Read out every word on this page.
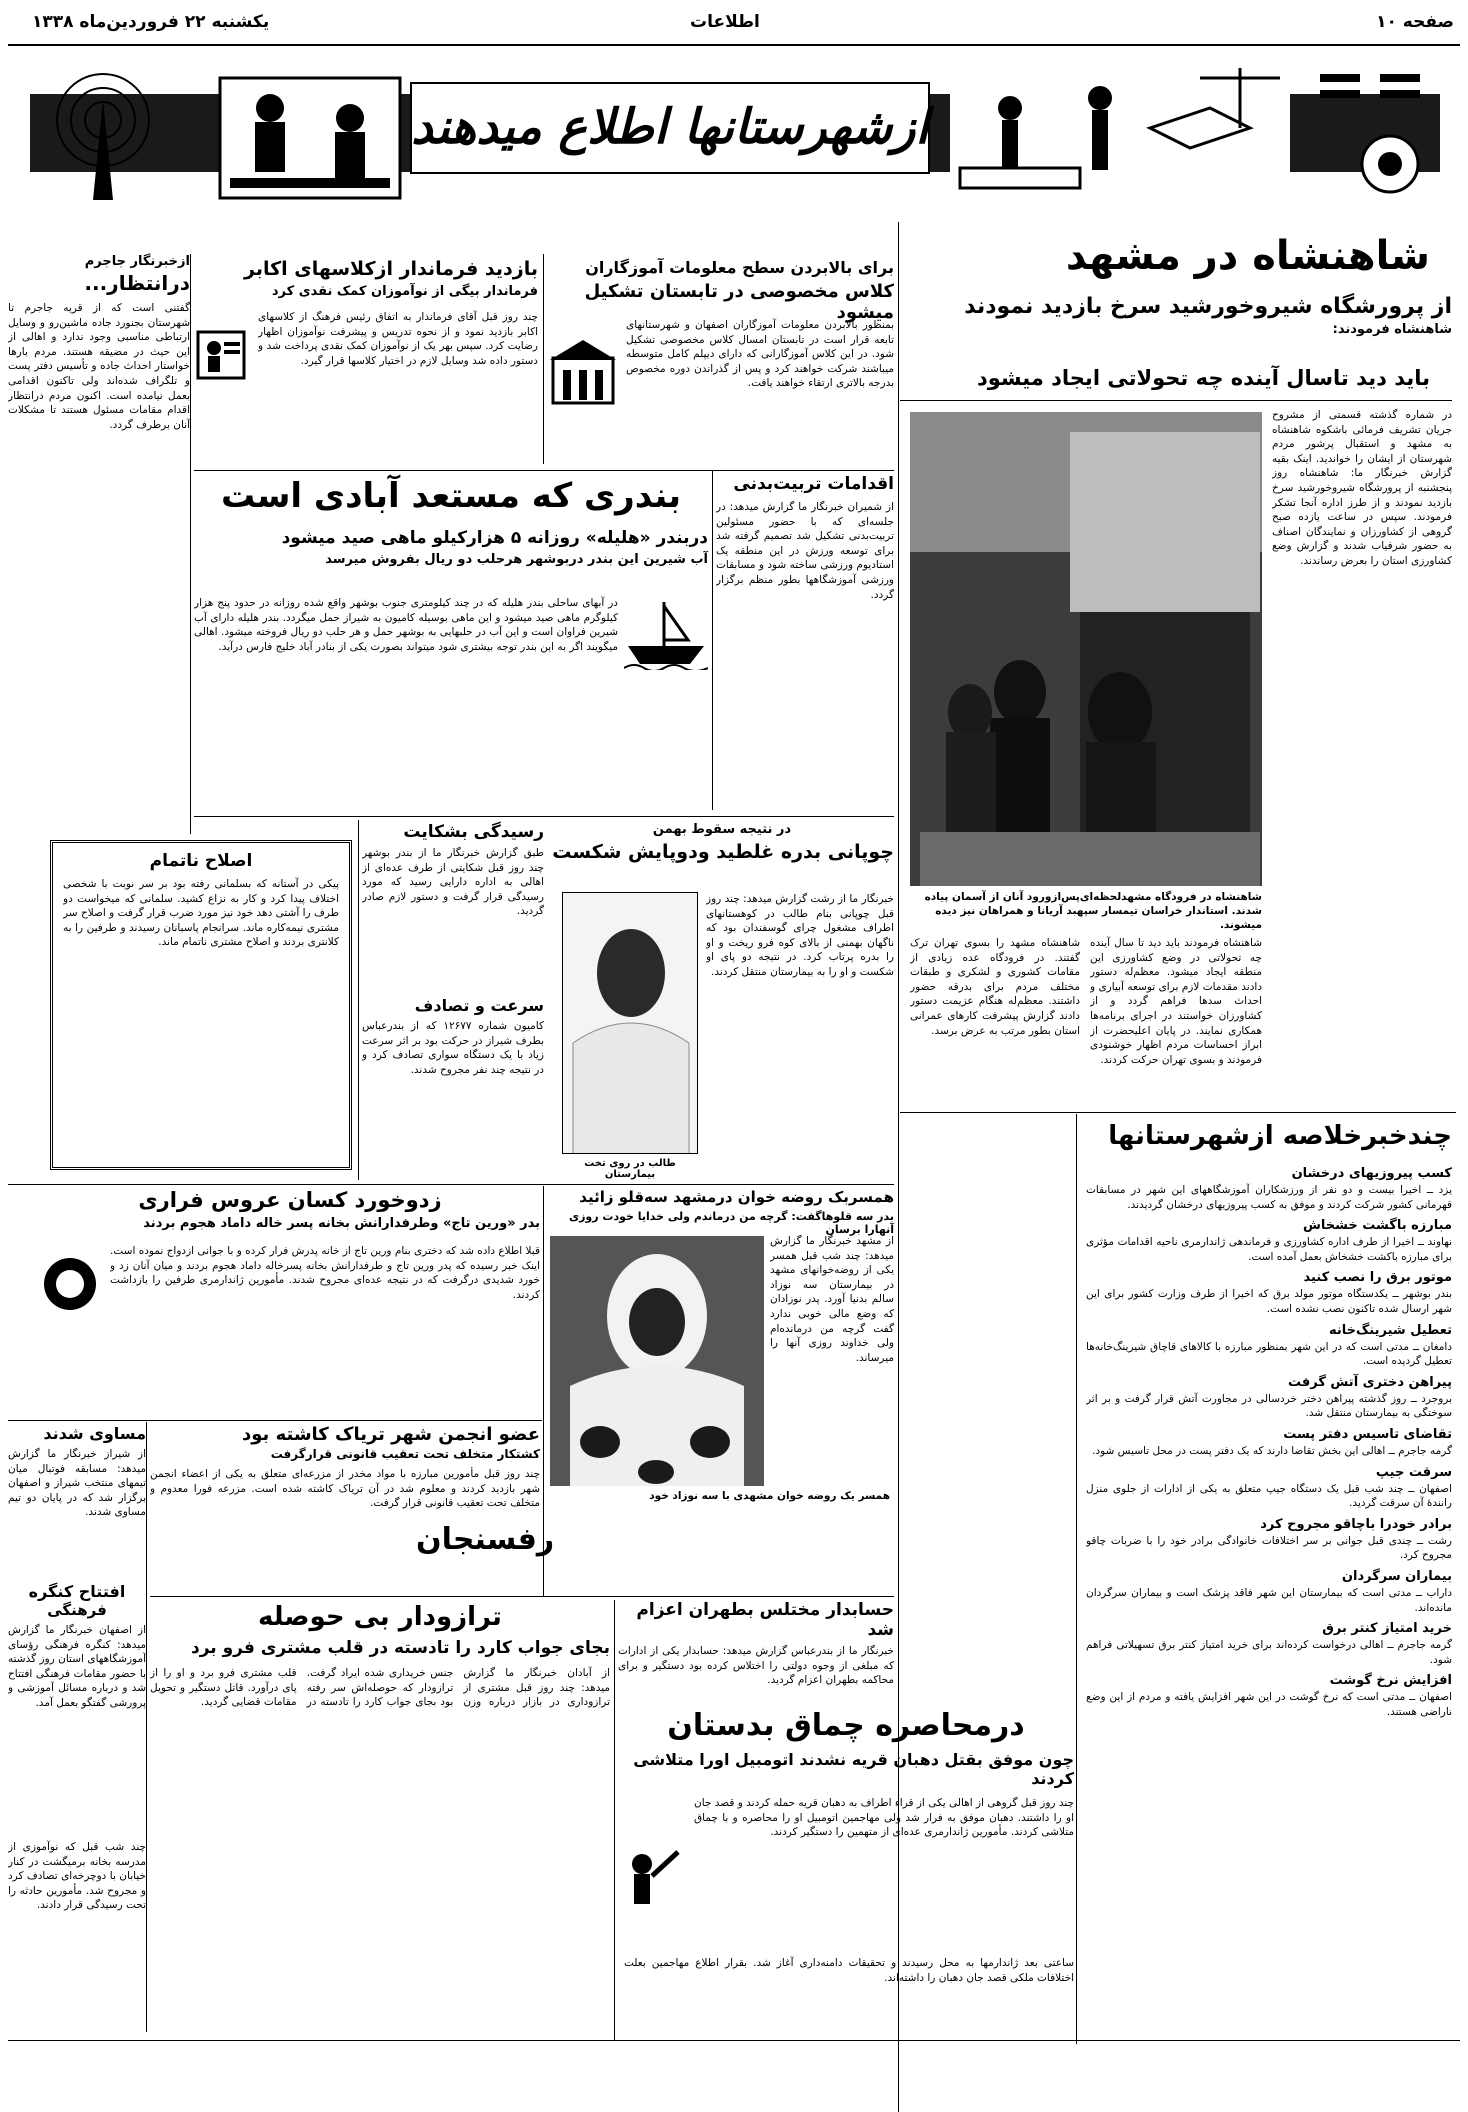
صفحه ۱۰
اطلاعات
یکشنبه ۲۲ فروردین‌ماه ۱۳۳۸
ازشهرستانها اطلاع میدهند
شاهنشاه در مشهد
از پرورشگاه شیروخورشید سرخ بازدید نمودند
شاهنشاه فرمودند:
باید دید تاسال آینده چه تحولاتی ایجاد میشود
در شماره گذشته قسمتی از مشروح جریان تشریف فرمائی باشکوه شاهنشاه به مشهد و استقبال پرشور مردم شهرستان از ایشان را خواندید. اینک بقیه گزارش خبرنگار ما: شاهنشاه روز پنجشنبه از پرورشگاه شیروخورشید سرخ بازدید نمودند و از طرز اداره آنجا تشکر فرمودند. سپس در ساعت یازده صبح گروهی از کشاورزان و نمایندگان اصناف به حضور شرفیاب شدند و گزارش وضع کشاورزی استان را بعرض رساندند.
شاهنشاه در فرودگاه مشهدلحظه‌ای‌پس‌ازورود آنان از آسمان پیاده شدند. استاندار خراسان‌ تیمسار سپهبد آریانا و همراهان نیز دیده میشوند.
شاهنشاه فرمودند باید دید تا سال آینده چه تحولاتی در وضع کشاورزی این منطقه ایجاد میشود. معظم‌له دستور دادند مقدمات لازم برای توسعه آبیاری و احداث سدها فراهم گردد و از کشاورزان خواستند در اجرای برنامه‌ها همکاری نمایند. در پایان اعلیحضرت از ابراز احساسات مردم اظهار خوشنودی فرمودند و بسوی تهران حرکت کردند.
شاهنشاه مشهد را بسوی تهران ترک گفتند. در فرودگاه عده زیادی از مقامات کشوری و لشکری و طبقات مختلف مردم برای بدرقه حضور داشتند. معظم‌له هنگام عزیمت دستور دادند گزارش پیشرفت کارهای عمرانی استان بطور مرتب به عرض برسد.
چندخبرخلاصه ازشهرستانها
کسب پیروزیهای درخشان
یزد ــ اخیرا بیست و دو نفر از ورزشکاران آموزشگاههای این شهر در مسابقات قهرمانی کشور شرکت کردند و موفق به کسب پیروزیهای درخشان گردیدند.
مبارزه باگشت خشخاش
نهاوند ــ اخیرا از طرف اداره کشاورزی و فرماندهی ژاندارمری ناحیه اقدامات مؤثری برای مبارزه باکشت خشخاش بعمل آمده است.
موتور برق را نصب کنید
بندر بوشهر ــ یکدستگاه موتور مولد برق که اخیرا از طرف وزارت کشور برای این شهر ارسال شده تاکنون نصب نشده است.
تعطیل شیرینگ‌خانه
دامغان ــ مدتی است که در این شهر بمنظور مبارزه با کالاهای قاچاق شیرینگ‌خانه‌ها تعطیل گردیده است.
پیراهن دختری آتش گرفت
بروجرد ــ روز گذشته پیراهن دختر خردسالی در مجاورت آتش قرار گرفت و بر اثر سوختگی به بیمارستان منتقل شد.
تقاضای تاسیس دفتر پست
گرمه جاجرم ــ اهالی این بخش تقاضا دارند که یک دفتر پست در محل تاسیس شود.
سرقت جیپ
اصفهان ــ چند شب قبل یک دستگاه جیپ متعلق به یکی از ادارات از جلوی منزل رانندهٔ آن سرقت گردید.
برادر خودرا باچاقو مجروح کرد
رشت ــ چندی قبل جوانی بر سر اختلافات خانوادگی برادر خود را با ضربات چاقو مجروح کرد.
بیماران سرگردان
داراب ــ مدتی است که بیمارستان این شهر فاقد پزشک است و بیماران سرگردان مانده‌اند.
خرید امتیاز کنتر برق
گرمه جاجرم ــ اهالی درخواست کرده‌اند برای خرید امتیاز کنتر برق تسهیلاتی فراهم شود.
افزایش نرخ گوشت
اصفهان ــ مدتی است که نرخ گوشت در این شهر افزایش یافته و مردم از این وضع ناراضی هستند.
برای بالابردن سطح معلومات آموزگاران
کلاس مخصوصی در تابستان تشکیل میشود
بمنظور بالابردن معلومات آموزگاران اصفهان و شهرستانهای تابعه قرار است در تابستان امسال کلاس مخصوصی تشکیل شود. در این کلاس آموزگارانی که دارای دیپلم کامل متوسطه میباشند شرکت خواهند کرد و پس از گذراندن دوره مخصوص بدرجه بالاتری ارتقاء خواهند یافت.
بازدید فرماندار ازکلاسهای اکابر
فرماندار بیگی از نوآموزان کمک نقدی کرد
چند روز قبل آقای فرماندار به اتفاق رئیس فرهنگ از کلاسهای اکابر بازدید نمود و از نحوه تدریس و پیشرفت نوآموزان اظهار رضایت کرد. سپس بهر یک از نوآموزان کمک نقدی پرداخت شد و دستور داده شد وسایل لازم در اختیار کلاسها قرار گیرد.
ازخبرنگار جاجرم
درانتظار...
گفتنی است که از قریه جاجرم تا شهرستان بجنورد جاده ماشین‌رو و وسایل ارتباطی مناسبی وجود ندارد و اهالی از این حیث در مضیقه هستند. مردم بارها خواستار احداث جاده و تأسیس دفتر پست و تلگراف شده‌اند ولی تاکنون اقدامی بعمل نیامده است. اکنون مردم درانتظار اقدام مقامات مسئول هستند تا مشکلات آنان برطرف گردد.
بندری که مستعد آبادی است
دربندر «هلیله» روزانه ۵ هزارکیلو ماهی صید میشود
آب شیرین این بندر دربوشهر هرحلب دو ریال بفروش میرسد
در آبهای ساحلی بندر هلیله که در چند کیلومتری جنوب بوشهر واقع شده روزانه در حدود پنج هزار کیلوگرم ماهی صید میشود و این ماهی بوسیله کامیون به شیراز حمل میگردد. بندر هلیله دارای آب شیرین فراوان است و این آب در حلبهایی به بوشهر حمل و هر حلب دو ریال فروخته میشود. اهالی میگویند اگر به این بندر توجه بیشتری شود میتواند بصورت یکی از بنادر آباد خلیج فارس درآید.
اقدامات تربیت‌بدنی
از شمیران خبرنگار ما گزارش میدهد: در جلسه‌ای که با حضور مسئولین تربیت‌بدنی تشکیل شد تصمیم گرفته شد برای توسعه ورزش در این منطقه یک استادیوم ورزشی ساخته شود و مسابقات ورزشی آموزشگاهها بطور منظم برگزار گردد.
رسیدگی بشکایت
طبق گزارش خبرنگار ما از بندر بوشهر چند روز قبل شکایتی از طرف عده‌ای از اهالی به اداره دارایی رسید که مورد رسیدگی قرار گرفت و دستور لازم صادر گردید.
سرعت و تصادف
کامیون شماره ۱۲۶۷۷ که از بندرعباس بطرف شیراز در حرکت بود بر اثر سرعت زیاد با یک دستگاه سواری تصادف کرد و در نتیجه چند نفر مجروح شدند.
اصلاح ناتمام
پیکی در آستانه که بسلمانی رفته بود بر سر نوبت با شخصی اختلاف پیدا کرد و کار به نزاع کشید. سلمانی که میخواست دو طرف را آشتی دهد خود نیز مورد ضرب قرار گرفت و اصلاح سر مشتری نیمه‌کاره ماند. سرانجام پاسبانان رسیدند و طرفین را به کلانتری بردند و اصلاح مشتری ناتمام ماند.
در نتیجه سقوط بهمن
چوپانی بدره غلطید ودوپایش شکست
طالب در روی تخت بیمارستان
خبرنگار ما از رشت گزارش میدهد: چند روز قبل چوپانی بنام طالب در کوهستانهای اطراف مشغول چرای گوسفندان بود که ناگهان بهمنی از بالای کوه فرو ریخت و او را بدره پرتاب کرد. در نتیجه دو پای او شکست و او را به بیمارستان منتقل کردند.
زدوخورد کسان عروس فراری
بدر «ورین تاج» وطرفدارانش بخانه پسر خاله داماد هجوم بردند
قبلا اطلاع داده شد که دختری بنام ورین تاج از خانه پدرش فرار کرده و با جوانی ازدواج نموده است. اینک خبر رسیده که پدر ورین تاج و طرفدارانش بخانه پسرخاله داماد هجوم بردند و میان آنان زد و خورد شدیدی درگرفت که در نتیجه عده‌ای مجروح شدند. مأمورین ژاندارمری طرفین را بازداشت کردند.
همسربک روضه خوان درمشهد سه‌قلو زائید
بدر سه قلوهاگفت: گرچه من درماندم ولی خدایا خودت روزی آنهارا برسان
از مشهد خبرنگار ما گزارش میدهد: چند شب قبل همسر یکی از روضه‌خوانهای مشهد در بیمارستان سه نوزاد سالم بدنیا آورد. پدر نوزادان که وضع مالی خوبی ندارد گفت گرچه من درمانده‌ام ولی خداوند روزی آنها را میرساند.
همسر یک روضه خوان مشهدی با سه نوزاد خود
عضو انجمن شهر تریاک کاشته بود
کشتکار متخلف تحت تعقیب قانونی قرارگرفت
چند روز قبل مأمورین مبارزه با مواد مخدر از مزرعه‌ای متعلق به یکی از اعضاء انجمن شهر بازدید کردند و معلوم شد در آن تریاک کاشته شده است. مزرعه فورا معدوم و متخلف تحت تعقیب قانونی قرار گرفت.
رفسنجان
مساوی شدند
از شیراز خبرنگار ما گزارش میدهد: مسابقه فوتبال میان تیمهای منتخب شیراز و اصفهان برگزار شد که در پایان دو تیم مساوی شدند.
افتتاح کنگره
فرهنگی
از اصفهان خبرنگار ما گزارش میدهد: کنگره فرهنگی رؤسای آموزشگاههای استان روز گذشته با حضور مقامات فرهنگی افتتاح شد و درباره مسائل آموزشی و پرورشی گفتگو بعمل آمد.
چند شب قبل که نوآموزی از مدرسه بخانه برمیگشت در کنار خیابان با دوچرخه‌ای تصادف کرد و مجروح شد. مأمورین حادثه را تحت رسیدگی قرار دادند.
ترازودار بی حوصله
بجای جواب کارد را تادسته در قلب مشتری فرو برد
از آبادان خبرنگار ما گزارش میدهد: چند روز قبل مشتری از ترازوداری در بازار درباره وزن جنس خریداری شده ایراد گرفت. ترازودار که حوصله‌اش سر رفته بود بجای جواب کارد را تادسته در قلب مشتری فرو برد و او را از پای درآورد. قاتل دستگیر و تحویل مقامات قضایی گردید.
حسابدار مختلس بطهران اعزام شد
خبرنگار ما از بندرعباس گزارش میدهد: حسابدار یکی از ادارات که مبلغی از وجوه دولتی را اختلاس کرده بود دستگیر و برای محاکمه بطهران اعزام گردید.
درمحاصره چماق بدستان
چون موفق بقتل دهبان قریه نشدند اتومبیل اورا متلاشی کردند
چند روز قبل گروهی از اهالی یکی از قراء اطراف به دهبان قریه حمله کردند و قصد جان او را داشتند. دهبان موفق به فرار شد ولی مهاجمین اتومبیل او را محاصره و با چماق متلاشی کردند. مأمورین ژاندارمری عده‌ای از متهمین را دستگیر کردند.
ساعتی بعد ژاندارمها به محل رسیدند و تحقیقات دامنه‌داری آغاز شد. بقرار اطلاع مهاجمین بعلت اختلافات ملکی قصد جان دهبان را داشته‌اند.
